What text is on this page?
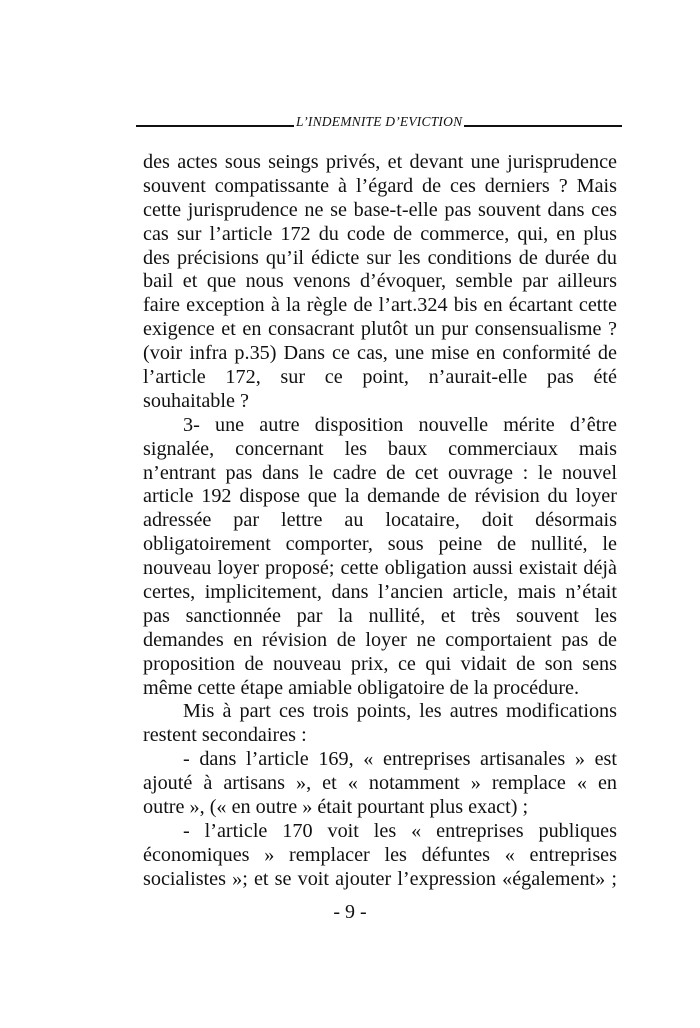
L’INDEMNITE D’EVICTION
des actes sous seings privés, et devant une jurisprudence
souvent compatissante à l’égard de ces derniers ? Mais
cette jurisprudence ne se base-t-elle pas souvent dans ces
cas sur l’article 172 du code de commerce, qui, en plus
des précisions qu’il édicte sur les conditions de durée du
bail et que nous venons d’évoquer, semble par ailleurs
faire exception à la règle de l’art.324 bis en écartant cette
exigence et en consacrant plutôt un pur consensualisme ?
(voir infra p.35) Dans ce cas, une mise en conformité de
l’article 172, sur ce point, n’aurait-elle pas été
souhaitable ?
3- une autre disposition nouvelle mérite d’être
signalée, concernant les baux commerciaux mais
n’entrant pas dans le cadre de cet ouvrage : le nouvel
article 192 dispose que la demande de révision du loyer
adressée par lettre au locataire, doit désormais
obligatoirement comporter, sous peine de nullité, le
nouveau loyer proposé; cette obligation aussi existait déjà
certes, implicitement, dans l’ancien article, mais n’était
pas sanctionnée par la nullité, et très souvent les
demandes en révision de loyer ne comportaient pas de
proposition de nouveau prix, ce qui vidait de son sens
même cette étape amiable obligatoire de la procédure.
Mis à part ces trois points, les autres modifications
restent secondaires :
- dans l’article 169, « entreprises artisanales » est
ajouté à artisans », et « notamment » remplace « en
outre », (« en outre » était pourtant plus exact) ;
- l’article 170 voit les « entreprises publiques
économiques » remplacer les défuntes « entreprises
socialistes »; et se voit ajouter l’expression «également» ;
- 9 -
